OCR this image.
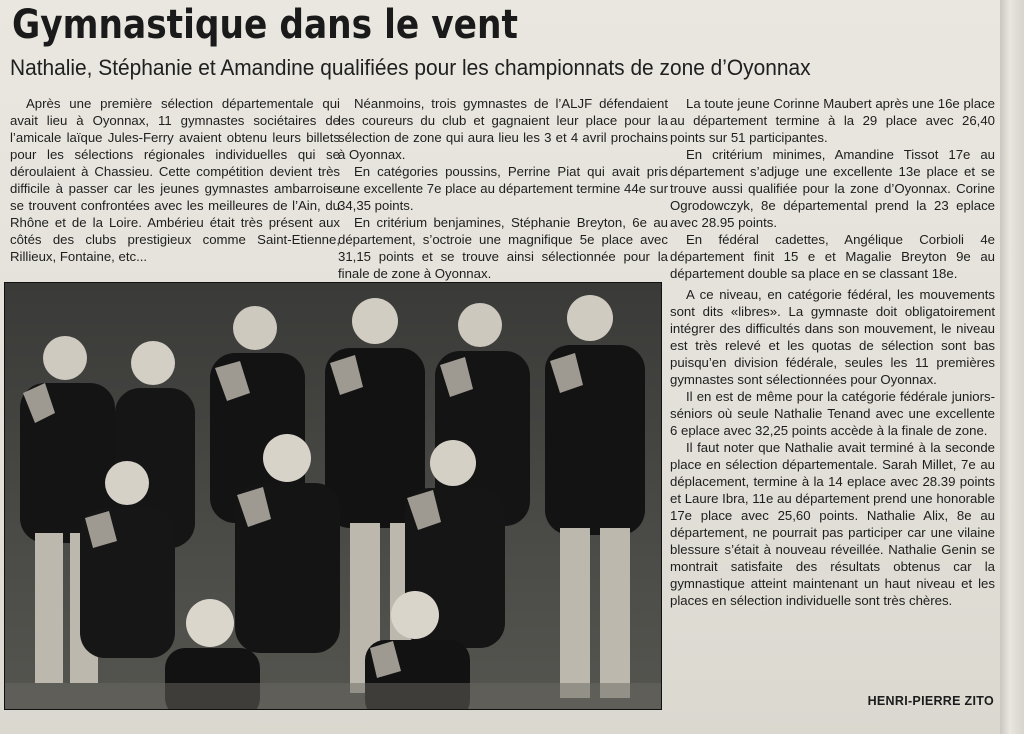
Gymnastique dans le vent
Nathalie, Stéphanie et Amandine qualifiées pour les championnats de zone d’Oyonnax

Après une première sélection départementale qui avait lieu à Oyonnax, 11 gymnastes sociétaires de l’amicale laïque Jules-Ferry avaient obtenu leurs billets pour les sélections régionales individuelles qui se déroulaient à Chassieu. Cette compétition devient très difficile à passer car les jeunes gymnastes ambarroise se trouvent confrontées avec les meilleures de l’Ain, du Rhône et de la Loire. Ambérieu était très présent aux côtés des clubs prestigieux comme Saint-Etienne, Rillieux, Fontaine, etc...

Néanmoins, trois gymnastes de l’ALJF défendaient les coureurs du club et gagnaient leur place pour la sélection de zone qui aura lieu les 3 et 4 avril prochains à Oyonnax.

En catégories poussins, Perrine Piat qui avait pris une excellente 7e place au département termine 44e sur 34,35 points.

En critérium benjamines, Stéphanie Breyton, 6e au département, s’octroie une magnifique 5e place avec 31,15 points et se trouve ainsi sélectionnée pour la finale de zone à Oyonnax.

La toute jeune Corinne Maubert après une 16e place au département termine à la 29 place avec 26,40 points sur 51 participantes.

En critérium minimes, Amandine Tissot 17e au département s’adjuge une excellente 13e place et se trouve aussi qualifiée pour la zone d’Oyonnax. Corine Ogrodowczyk, 8e départemental prend la 23 eplace avec 28.95 points.

En fédéral cadettes, Angélique Corbioli 4e département finit 15 e et Magalie Breyton 9e au département double sa place en se classant 18e.

A ce niveau, en catégorie fédéral, les mouvements sont dits «libres». La gymnaste doit obligatoirement intégrer des difficultés dans son mouvement, le niveau est très relevé et les quotas de sélection sont bas puisqu’en division fédérale, seules les 11 premières gymnastes sont sélectionnées pour Oyonnax.

Il en est de même pour la catégorie fédérale juniors-séniors où seule Nathalie Tenand avec une excellente 6 eplace avec 32,25 points accède à la finale de zone.

Il faut noter que Nathalie avait terminé à la seconde place en sélection départementale. Sarah Millet, 7e au déplacement, termine à la 14 eplace avec 28.39 points et Laure Ibra, 11e au département prend une honorable 17e place avec 25,60 points. Nathalie Alix, 8e au département, ne pourrait pas participer car une vilaine blessure s’était à nouveau réveillée. Nathalie Genin se montrait satisfaite des résultats obtenus car la gymnastique atteint maintenant un haut niveau et les places en sélection individuelle sont très chères.

HENRI-PIERRE ZITO
